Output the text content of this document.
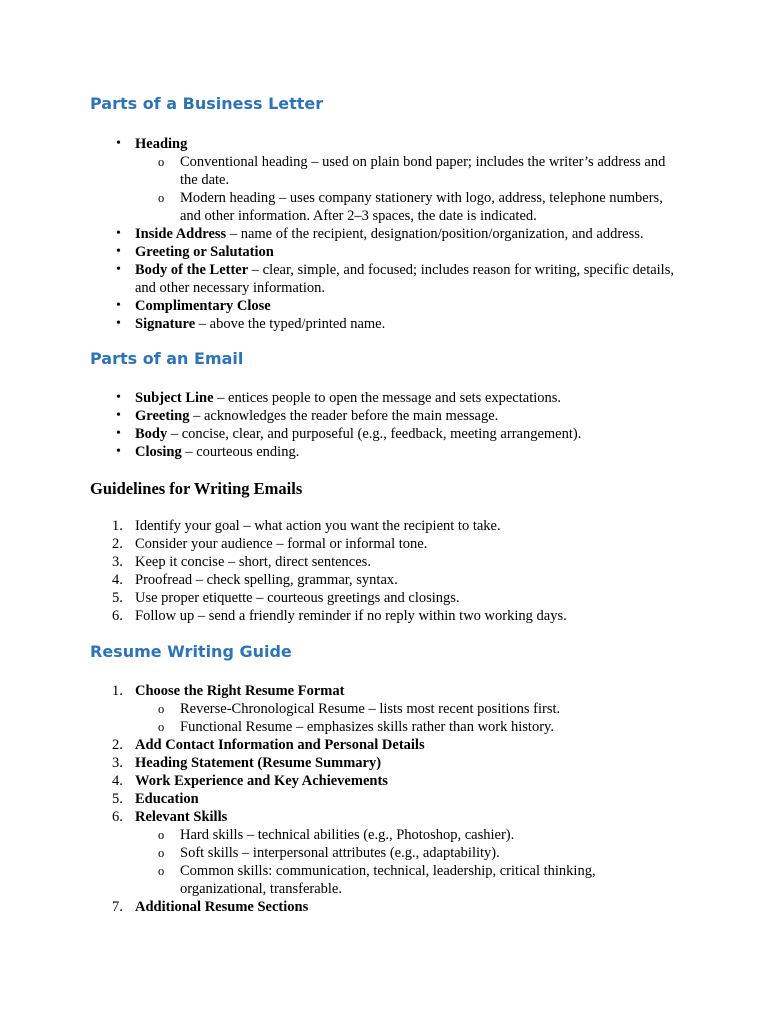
Parts of a Business Letter
• Heading
o	Conventional heading – used on plain bond paper; includes the writer’s address and the date.
o	Modern heading – uses company stationery with logo, address, telephone numbers, and other information. After 2–3 spaces, the date is indicated.
• Inside Address – name of the recipient, designation/position/organization, and address.
• Greeting or Salutation
• Body of the Letter – clear, simple, and focused; includes reason for writing, specific details, and other necessary information.
• Complimentary Close
• Signature – above the typed/printed name.
Parts of an Email
• Subject Line – entices people to open the message and sets expectations.
• Greeting – acknowledges the reader before the main message.
• Body – concise, clear, and purposeful (e.g., feedback, meeting arrangement).
• Closing – courteous ending.
Guidelines for Writing Emails
1. Identify your goal – what action you want the recipient to take.
2. Consider your audience – formal or informal tone.
3. Keep it concise – short, direct sentences.
4. Proofread – check spelling, grammar, syntax.
5. Use proper etiquette – courteous greetings and closings.
6. Follow up – send a friendly reminder if no reply within two working days.
Resume Writing Guide
1. Choose the Right Resume Format
o	Reverse-Chronological Resume – lists most recent positions first.
o	Functional Resume – emphasizes skills rather than work history.
2. Add Contact Information and Personal Details
3. Heading Statement (Resume Summary)
4. Work Experience and Key Achievements
5. Education
6. Relevant Skills
o	Hard skills – technical abilities (e.g., Photoshop, cashier).
o	Soft skills – interpersonal attributes (e.g., adaptability).
o	Common skills: communication, technical, leadership, critical thinking, organizational, transferable.
7. Additional Resume Sections
